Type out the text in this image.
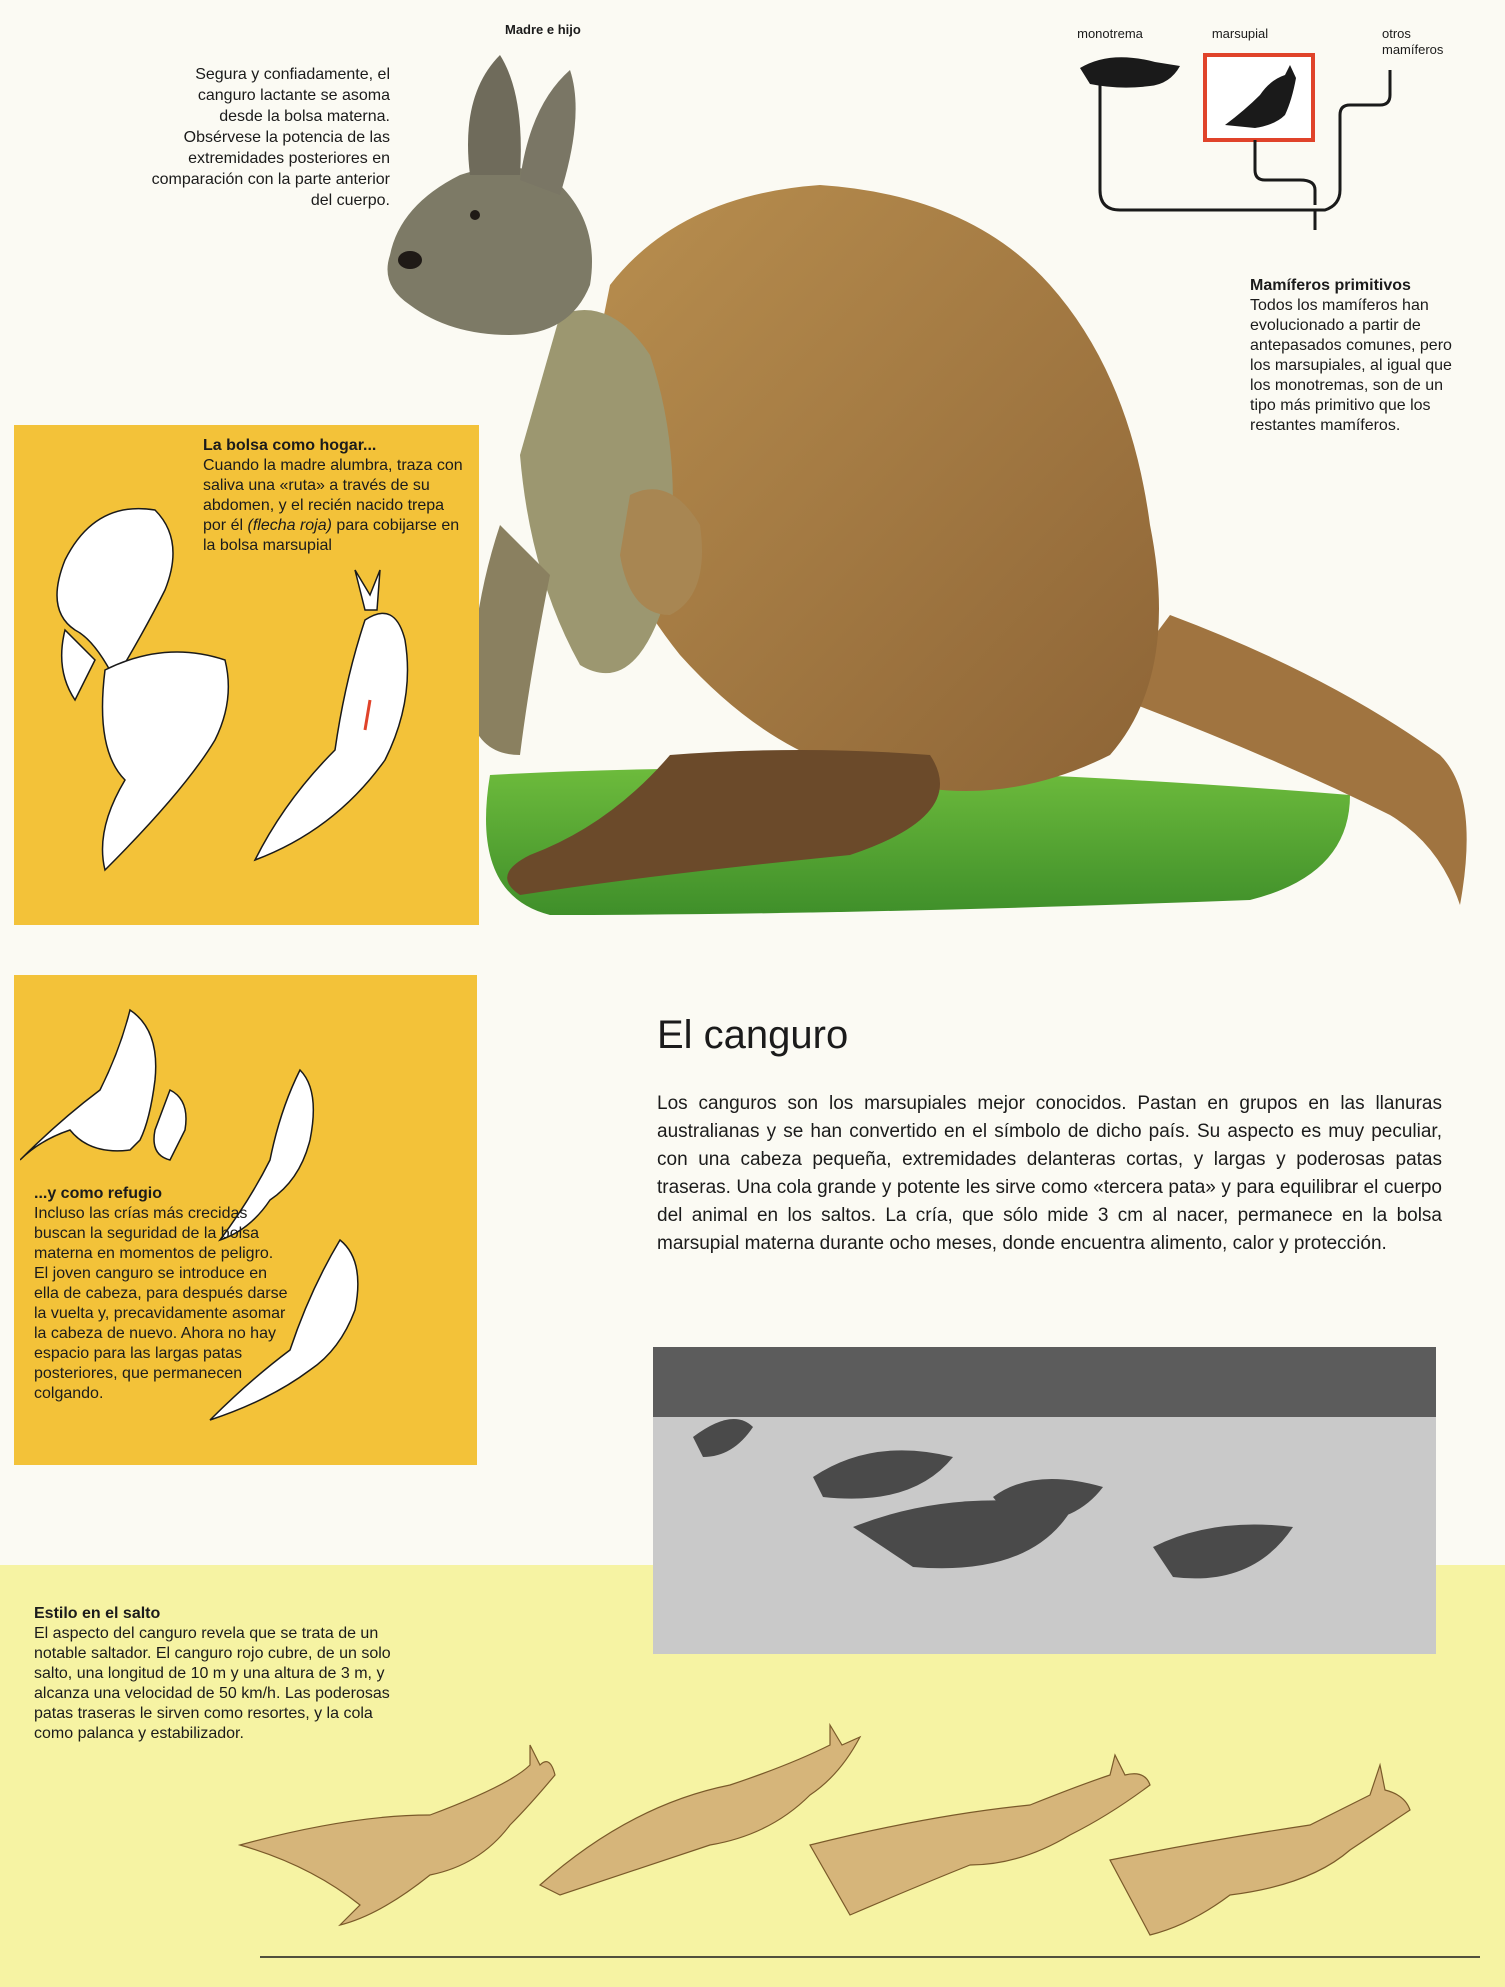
Madre e hijo
Segura y confiadamente, el canguro lactante se asoma desde la bolsa materna. Obsérvese la potencia de las extremidades posteriores en comparación con la parte anterior del cuerpo.
monotrema	marsupial	otros mamíferos
Mamíferos primitivos
Todos los mamíferos han evolucionado a partir de antepasados comunes, pero los marsupiales, al igual que los monotremas, son de un tipo más primitivo que los restantes mamíferos.
La bolsa como hogar...
Cuando la madre alumbra, traza con saliva una «ruta» a través de su abdomen, y el recién nacido trepa por él (flecha roja) para cobijarse en la bolsa marsupial
...y como refugio
Incluso las crías más crecidas buscan la seguridad de la bolsa materna en momentos de peligro. El joven canguro se introduce en ella de cabeza, para después darse la vuelta y, precavidamente asomar la cabeza de nuevo. Ahora no hay espacio para las largas patas posteriores, que permanecen colgando.
El canguro
Los canguros son los marsupiales mejor conocidos. Pastan en grupos en las llanuras australianas y se han convertido en el símbolo de dicho país. Su aspecto es muy peculiar, con una cabeza pequeña, extremidades delanteras cortas, y largas y poderosas patas traseras. Una cola grande y potente les sirve como «tercera pata» y para equilibrar el cuerpo del animal en los saltos. La cría, que sólo mide 3 cm al nacer, permanece en la bolsa marsupial materna durante ocho meses, donde encuentra alimento, calor y protección.
Estilo en el salto
El aspecto del canguro revela que se trata de un notable saltador. El canguro rojo cubre, de un solo salto, una longitud de 10 m y una altura de 3 m, y alcanza una velocidad de 50 km/h. Las poderosas patas traseras le sirven como resortes, y la cola como palanca y estabilizador.
